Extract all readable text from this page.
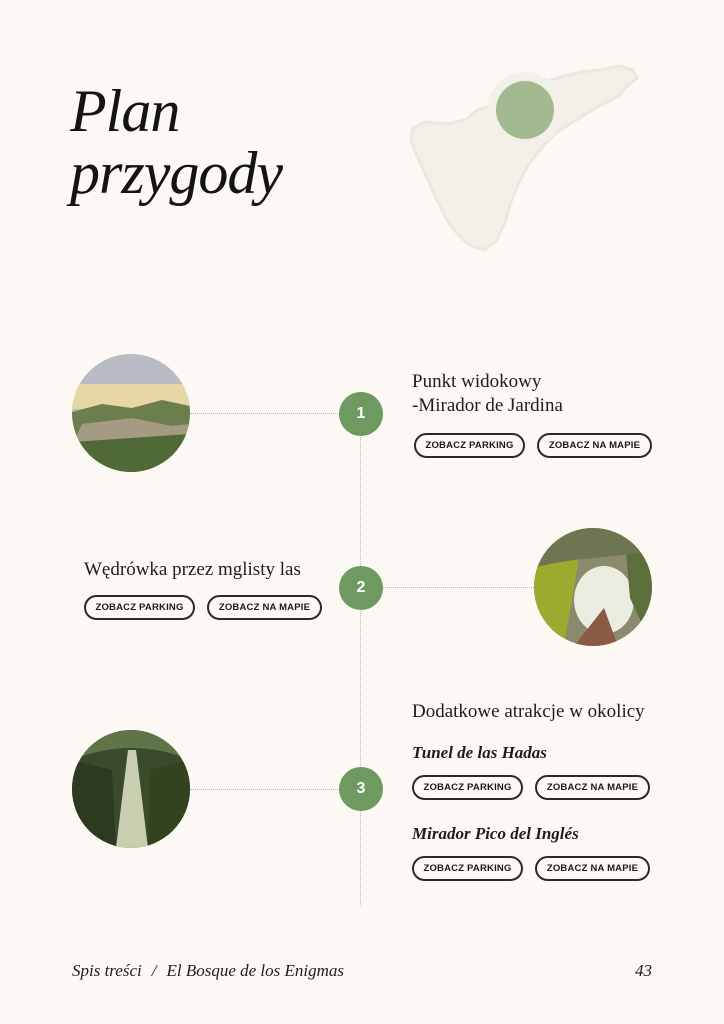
Plan
przygody
1
Punkt widokowy
-Mirador de Jardina
ZOBACZ PARKING	ZOBACZ NA MAPIE
Wędrówka przez mglisty las
ZOBACZ PARKING	ZOBACZ NA MAPIE
2
3
Dodatkowe atrakcje w okolicy
Tunel de las Hadas
ZOBACZ PARKING	ZOBACZ NA MAPIE
Mirador Pico del Inglés
ZOBACZ PARKING	ZOBACZ NA MAPIE
Spis treści / El Bosque de los Enigmas	43
